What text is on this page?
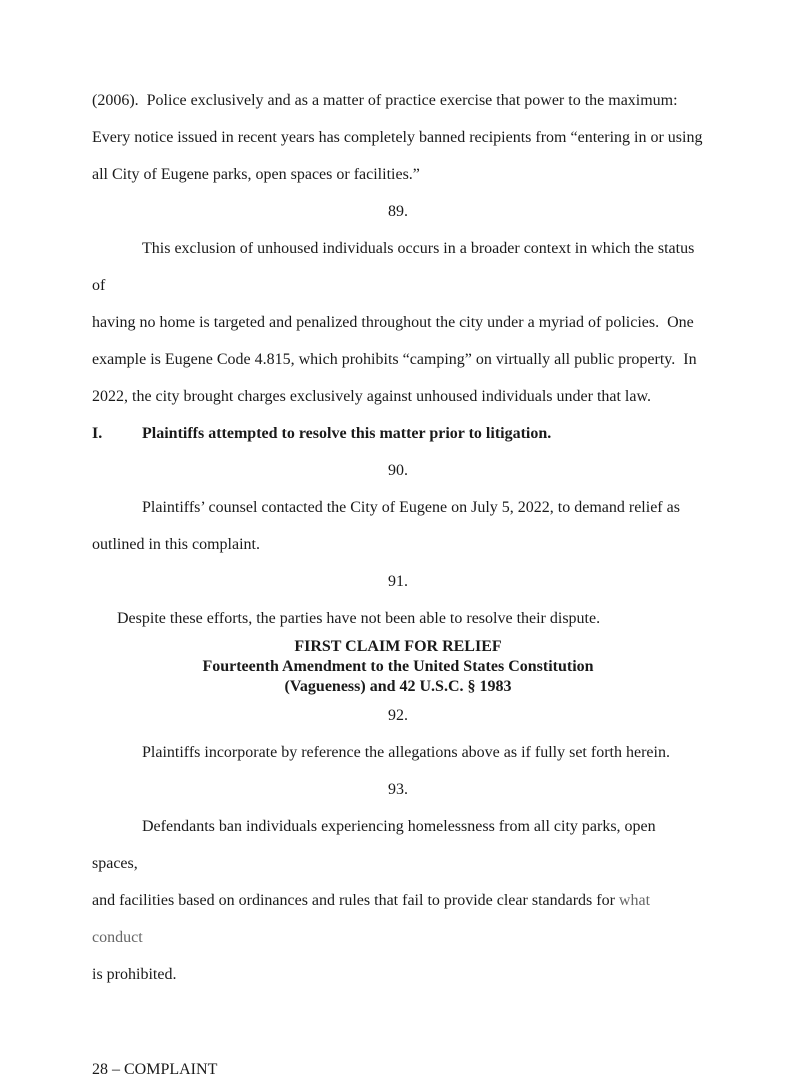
(2006).  Police exclusively and as a matter of practice exercise that power to the maximum:
Every notice issued in recent years has completely banned recipients from “entering in or using
all City of Eugene parks, open spaces or facilities.”

89.

This exclusion of unhoused individuals occurs in a broader context in which the status of
having no home is targeted and penalized throughout the city under a myriad of policies.  One
example is Eugene Code 4.815, which prohibits “camping” on virtually all public property.  In
2022, the city brought charges exclusively against unhoused individuals under that law.

I.	Plaintiffs attempted to resolve this matter prior to litigation.

90.

Plaintiffs’ counsel contacted the City of Eugene on July 5, 2022, to demand relief as
outlined in this complaint.

91.

Despite these efforts, the parties have not been able to resolve their dispute.

FIRST CLAIM FOR RELIEF

Fourteenth Amendment to the United States Constitution

(Vagueness) and 42 U.S.C. § 1983

92.

Plaintiffs incorporate by reference the allegations above as if fully set forth herein.

93.

Defendants ban individuals experiencing homelessness from all city parks, open spaces,
and facilities based on ordinances and rules that fail to provide clear standards for what conduct
is prohibited.

28 – COMPLAINT
